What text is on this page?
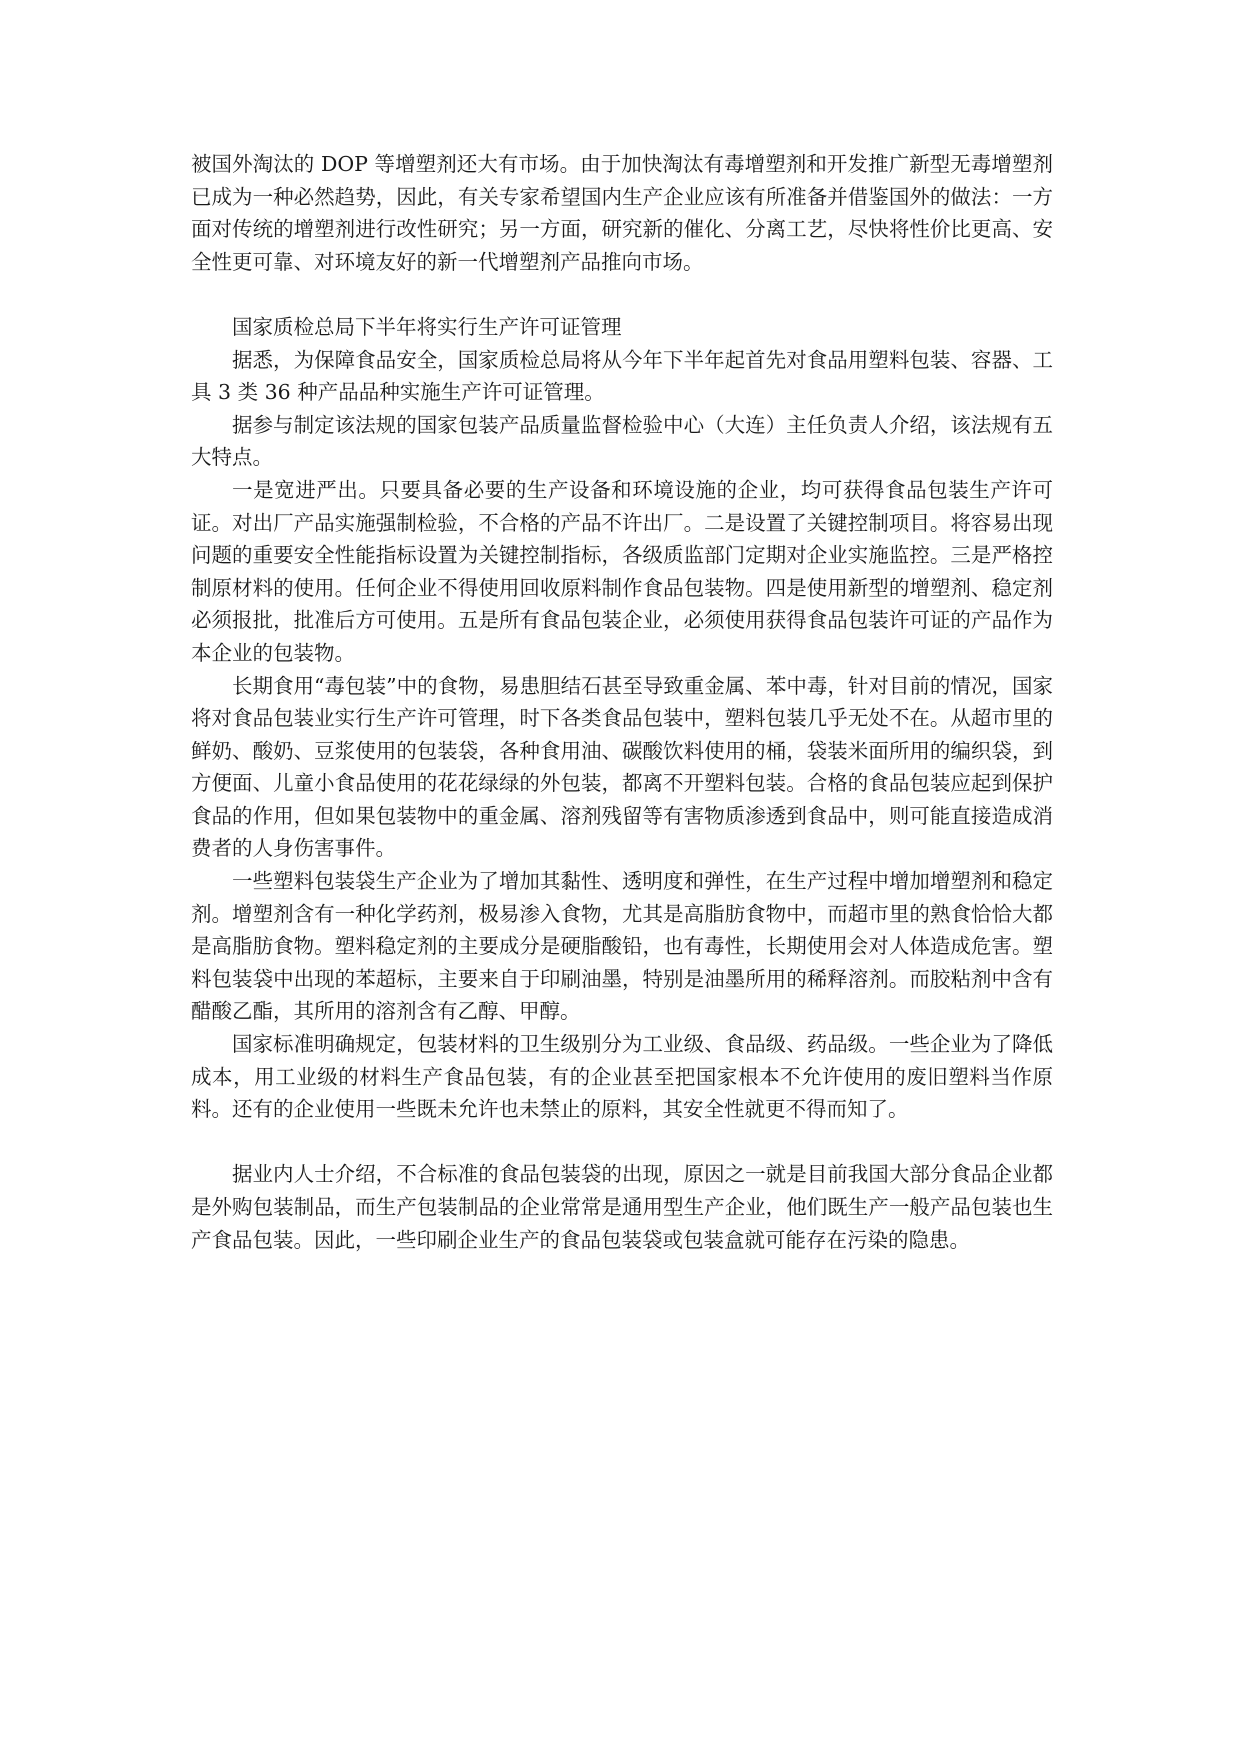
被国外淘汰的 DOP 等增塑剂还大有市场。由于加快淘汰有毒增塑剂和开发推广新型无毒增塑剂已成为一种必然趋势，因此，有关专家希望国内生产企业应该有所准备并借鉴国外的做法：一方面对传统的增塑剂进行改性研究；另一方面，研究新的催化、分离工艺，尽快将性价比更高、安全性更可靠、对环境友好的新一代增塑剂产品推向市场。

国家质检总局下半年将实行生产许可证管理

据悉，为保障食品安全，国家质检总局将从今年下半年起首先对食品用塑料包装、容器、工具 3 类 36 种产品品种实施生产许可证管理。

据参与制定该法规的国家包装产品质量监督检验中心（大连）主任负责人介绍，该法规有五大特点。

一是宽进严出。只要具备必要的生产设备和环境设施的企业，均可获得食品包装生产许可证。对出厂产品实施强制检验，不合格的产品不许出厂。二是设置了关键控制项目。将容易出现问题的重要安全性能指标设置为关键控制指标，各级质监部门定期对企业实施监控。三是严格控制原材料的使用。任何企业不得使用回收原料制作食品包装物。四是使用新型的增塑剂、稳定剂必须报批，批准后方可使用。五是所有食品包装企业，必须使用获得食品包装许可证的产品作为本企业的包装物。

长期食用“毒包装”中的食物，易患胆结石甚至导致重金属、苯中毒，针对目前的情况，国家将对食品包装业实行生产许可管理，时下各类食品包装中，塑料包装几乎无处不在。从超市里的鲜奶、酸奶、豆浆使用的包装袋，各种食用油、碳酸饮料使用的桶，袋装米面所用的编织袋，到方便面、儿童小食品使用的花花绿绿的外包装，都离不开塑料包装。合格的食品包装应起到保护食品的作用，但如果包装物中的重金属、溶剂残留等有害物质渗透到食品中，则可能直接造成消费者的人身伤害事件。

一些塑料包装袋生产企业为了增加其黏性、透明度和弹性，在生产过程中增加增塑剂和稳定剂。增塑剂含有一种化学药剂，极易渗入食物，尤其是高脂肪食物中，而超市里的熟食恰恰大都是高脂肪食物。塑料稳定剂的主要成分是硬脂酸铅，也有毒性，长期使用会对人体造成危害。塑料包装袋中出现的苯超标，主要来自于印刷油墨，特别是油墨所用的稀释溶剂。而胶粘剂中含有醋酸乙酯，其所用的溶剂含有乙醇、甲醇。

国家标准明确规定，包装材料的卫生级别分为工业级、食品级、药品级。一些企业为了降低成本，用工业级的材料生产食品包装，有的企业甚至把国家根本不允许使用的废旧塑料当作原料。还有的企业使用一些既未允许也未禁止的原料，其安全性就更不得而知了。

据业内人士介绍，不合标准的食品包装袋的出现，原因之一就是目前我国大部分食品企业都是外购包装制品，而生产包装制品的企业常常是通用型生产企业，他们既生产一般产品包装也生产食品包装。因此，一些印刷企业生产的食品包装袋或包装盒就可能存在污染的隐患。
